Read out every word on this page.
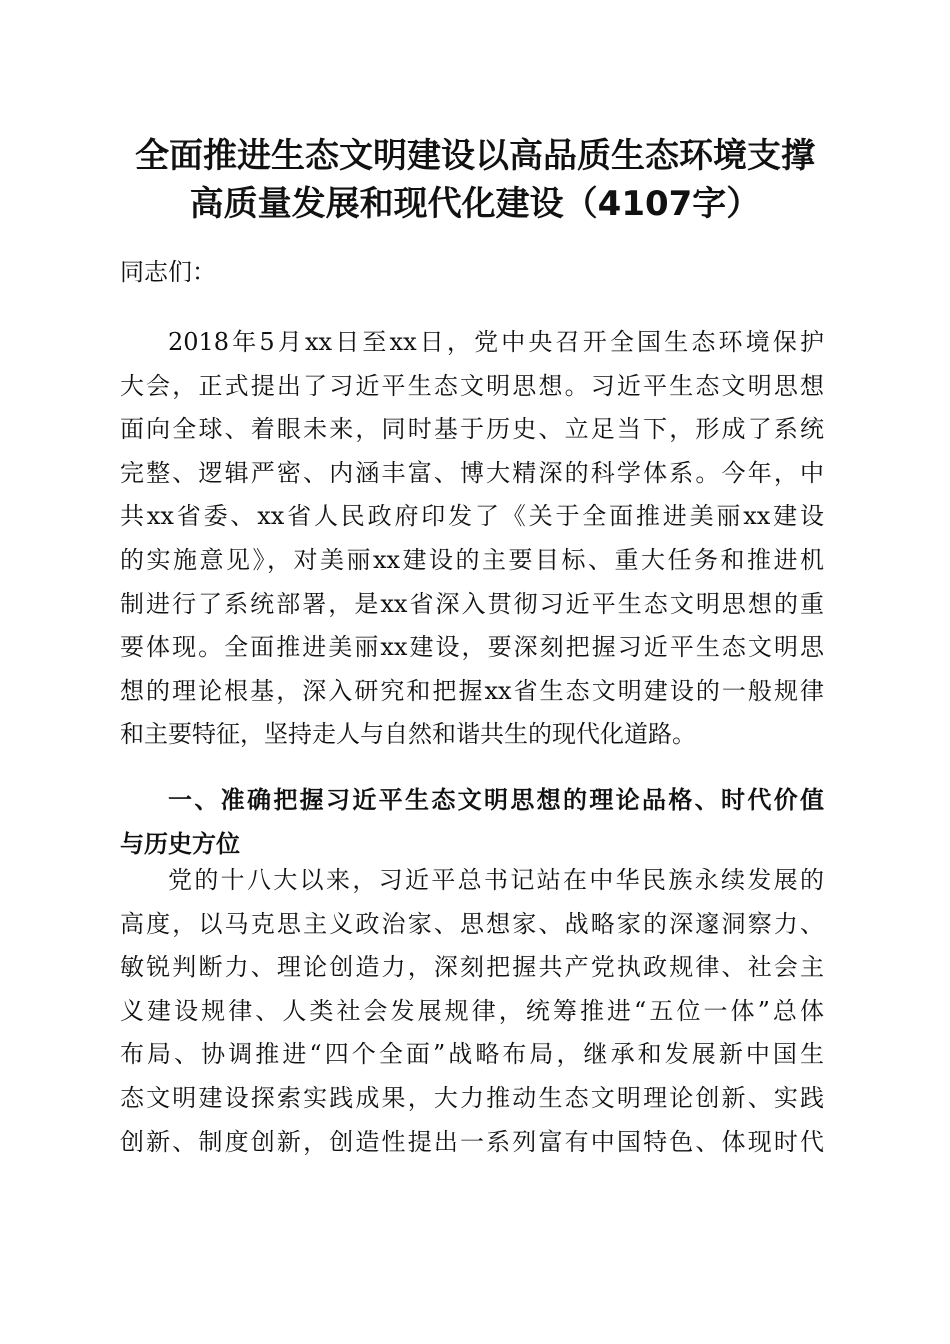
全面推进生态文明建设以高品质生态环境支撑
高质量发展和现代化建设（4107字）
同志们：
2018年5月xx日至xx日，党中央召开全国生态环境保护
大会，正式提出了习近平生态文明思想。习近平生态文明思想
面向全球、着眼未来，同时基于历史、立足当下，形成了系统
完整、逻辑严密、内涵丰富、博大精深的科学体系。今年，中
共xx省委、xx省人民政府印发了《关于全面推进美丽xx建设
的实施意见》，对美丽xx建设的主要目标、重大任务和推进机
制进行了系统部署，是xx省深入贯彻习近平生态文明思想的重
要体现。全面推进美丽xx建设，要深刻把握习近平生态文明思
想的理论根基，深入研究和把握xx省生态文明建设的一般规律
和主要特征，坚持走人与自然和谐共生的现代化道路。
一、准确把握习近平生态文明思想的理论品格、时代价值
与历史方位
党的十八大以来，习近平总书记站在中华民族永续发展的
高度，以马克思主义政治家、思想家、战略家的深邃洞察力、
敏锐判断力、理论创造力，深刻把握共产党执政规律、社会主
义建设规律、人类社会发展规律，统筹推进“五位一体”总体
布局、协调推进“四个全面”战略布局，继承和发展新中国生
态文明建设探索实践成果，大力推动生态文明理论创新、实践
创新、制度创新，创造性提出一系列富有中国特色、体现时代
